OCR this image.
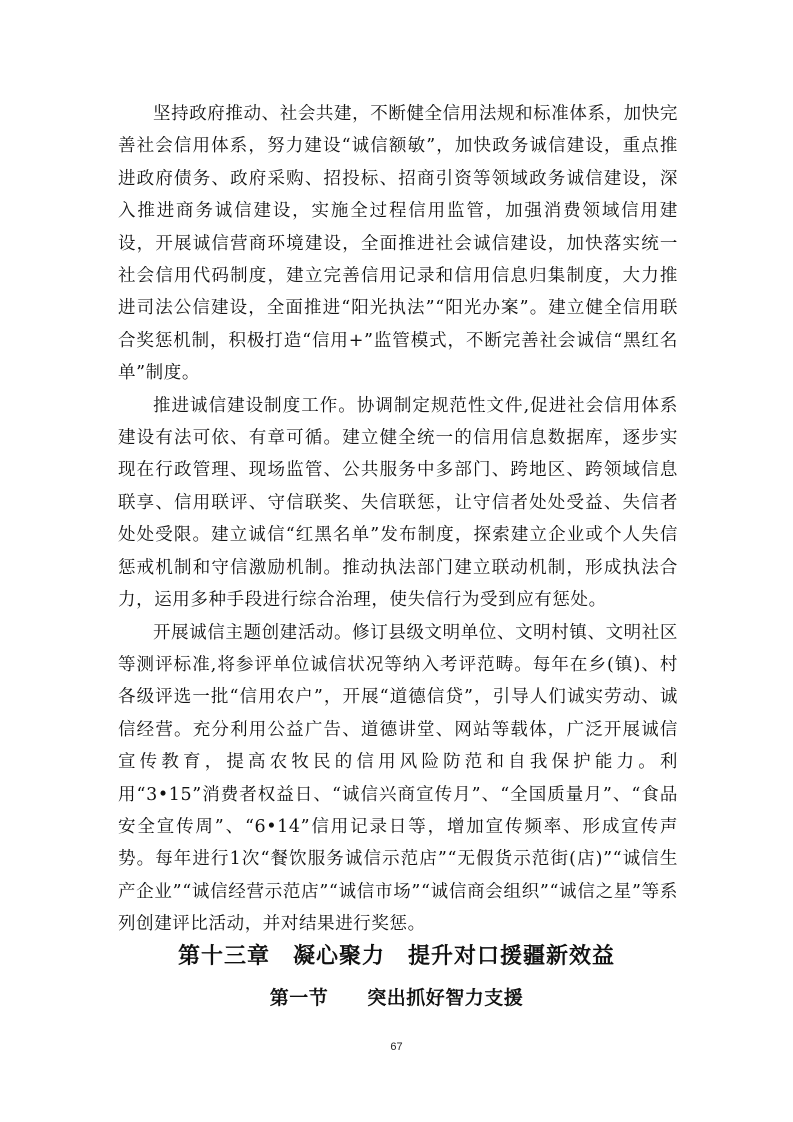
坚持政府推动、社会共建，不断健全信用法规和标准体系，加快完善社会信用体系，努力建设“诚信额敏”，加快政务诚信建设，重点推进政府债务、政府采购、招投标、招商引资等领域政务诚信建设，深入推进商务诚信建设，实施全过程信用监管，加强消费领域信用建设，开展诚信营商环境建设，全面推进社会诚信建设，加快落实统一社会信用代码制度，建立完善信用记录和信用信息归集制度，大力推进司法公信建设，全面推进“阳光执法”“阳光办案”。建立健全信用联合奖惩机制，积极打造“信用+”监管模式，不断完善社会诚信“黑红名单”制度。

推进诚信建设制度工作。协调制定规范性文件,促进社会信用体系建设有法可依、有章可循。建立健全统一的信用信息数据库，逐步实现在行政管理、现场监管、公共服务中多部门、跨地区、跨领域信息联享、信用联评、守信联奖、失信联惩，让守信者处处受益、失信者处处受限。建立诚信“红黑名单”发布制度，探索建立企业或个人失信惩戒机制和守信激励机制。推动执法部门建立联动机制，形成执法合力，运用多种手段进行综合治理，使失信行为受到应有惩处。

开展诚信主题创建活动。修订县级文明单位、文明村镇、文明社区等测评标准,将参评单位诚信状况等纳入考评范畴。每年在乡(镇)、村各级评选一批“信用农户”，开展“道德信贷”，引导人们诚实劳动、诚信经营。充分利用公益广告、道德讲堂、网站等载体，广泛开展诚信宣传教育，提高农牧民的信用风险防范和自我保护能力。利用“3•15”消费者权益日、“诚信兴商宣传月”、“全国质量月”、“食品安全宣传周”、“6•14”信用记录日等，增加宣传频率、形成宣传声势。每年进行1次“餐饮服务诚信示范店”“无假货示范街(店)”“诚信生产企业”“诚信经营示范店”“诚信市场”“诚信商会组织”“诚信之星”等系列创建评比活动，并对结果进行奖惩。

第十三章　凝心聚力　提升对口援疆新效益
第一节　　突出抓好智力支援
67
